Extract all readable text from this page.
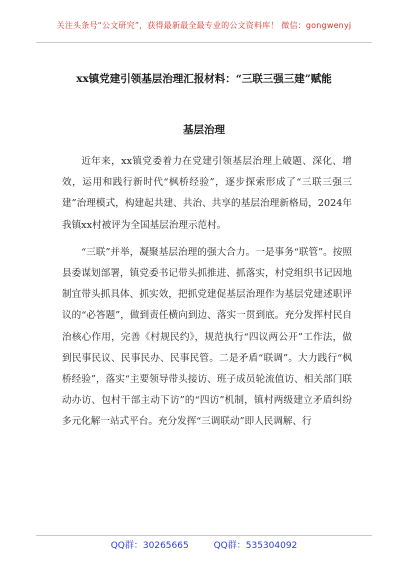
关注头条号“公文研究”，获得最新最全最专业的公文资料库！ 微信：gongwenyj
xx镇党建引领基层治理汇报材料：“三联三强三建”赋能
基层治理

近年来，xx镇党委着力在党建引领基层治理上破题、深化、增效，运用和践行新时代“枫桥经验”，逐步探索形成了“三联三强三建”治理模式，构建起共建、共治、共享的基层治理新格局，2024年我镇xx村被评为全国基层治理示范村。

“三联”并举，凝聚基层治理的强大合力。一是事务“联管”。按照县委谋划部署，镇党委书记带头抓推进、抓落实，村党组织书记因地制宜带头抓具体、抓实效，把抓党建促基层治理作为基层党建述职评议的“必答题”，做到责任横向到边、落实一贯到底。充分发挥村民自治核心作用，完善《村规民约》，规范执行“四议两公开”工作法，做到民事民议、民事民办、民事民管。二是矛盾“联调”。大力践行“枫桥经验”，落实“主要领导带头接访、班子成员轮流值访、相关部门联动办访、包村干部主动下访”的“四访”机制，镇村两级建立矛盾纠纷多元化解一站式平台。充分发挥“三调联动”即人民调解、行

QQ群：30265665	QQ群：535304092
